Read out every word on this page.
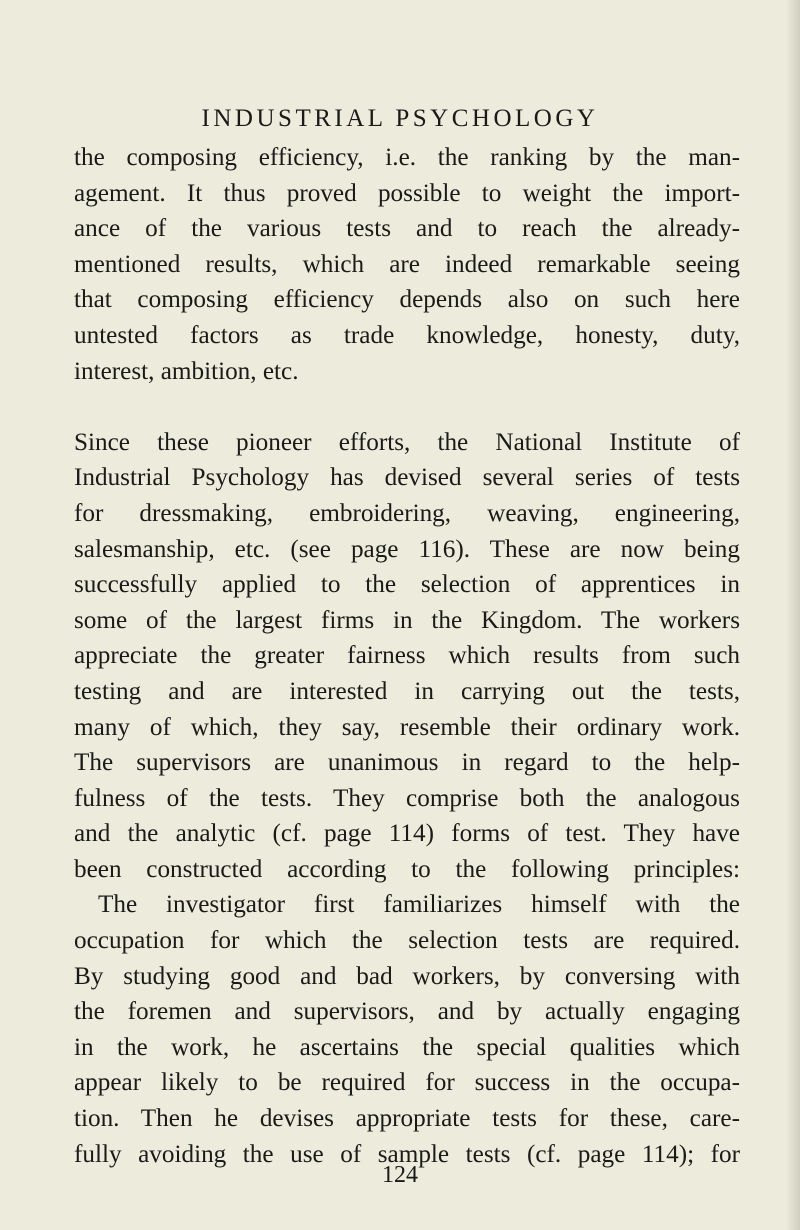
INDUSTRIAL PSYCHOLOGY

the composing efficiency, i.e. the ranking by the man-
agement. It thus proved possible to weight the import-
ance of the various tests and to reach the already-
mentioned results, which are indeed remarkable seeing
that composing efficiency depends also on such here
untested factors as trade knowledge, honesty, duty,
interest, ambition, etc.

Since these pioneer efforts, the National Institute of
Industrial Psychology has devised several series of tests
for dressmaking, embroidering, weaving, engineering,
salesmanship, etc. (see page 116). These are now being
successfully applied to the selection of apprentices in
some of the largest firms in the Kingdom. The workers
appreciate the greater fairness which results from such
testing and are interested in carrying out the tests,
many of which, they say, resemble their ordinary work.
The supervisors are unanimous in regard to the help-
fulness of the tests. They comprise both the analogous
and the analytic (cf. page 114) forms of test. They have
been constructed according to the following principles:
The investigator first familiarizes himself with the
occupation for which the selection tests are required.
By studying good and bad workers, by conversing with
the foremen and supervisors, and by actually engaging
in the work, he ascertains the special qualities which
appear likely to be required for success in the occupa-
tion. Then he devises appropriate tests for these, care-
fully avoiding the use of sample tests (cf. page 114); for

124
